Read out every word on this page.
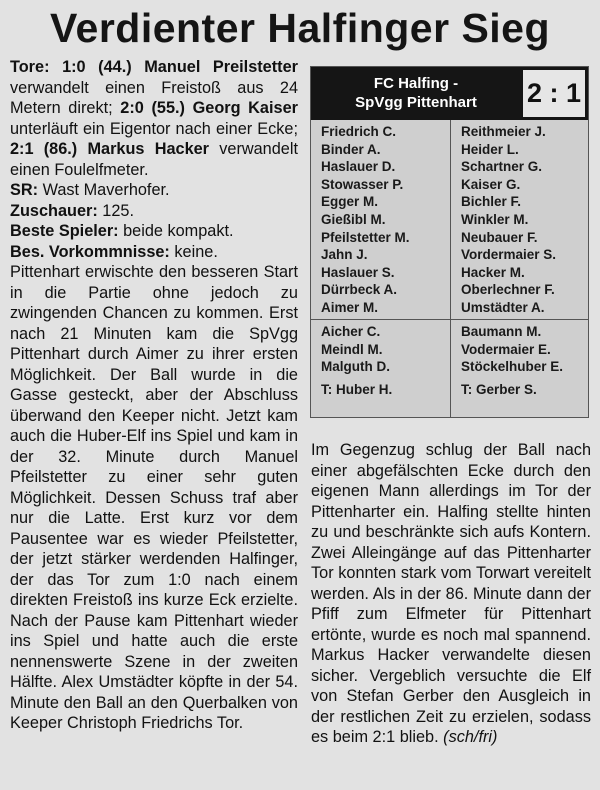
Verdienter Halfinger Sieg

Tore: 1:0 (44.) Manuel Preilstetter verwandelt einen Freistoß aus 24 Metern direkt; 2:0 (55.) Georg Kaiser unterläuft ein Eigentor nach einer Ecke; 2:1 (86.) Markus Hacker verwandelt einen Foulelfmeter.

SR: Wast Maverhofer.

Zuschauer: 125.

Beste Spieler: beide kompakt.

Bes. Vorkommnisse: keine.

Pittenhart erwischte den besseren Start in die Partie ohne jedoch zu zwingenden Chancen zu kommen. Erst nach 21 Minuten kam die SpVgg Pittenhart durch Aimer zu ihrer ersten Möglichkeit. Der Ball wurde in die Gasse gesteckt, aber der Abschluss überwand den Keeper nicht. Jetzt kam auch die Huber-Elf ins Spiel und kam in der 32. Minute durch Manuel Pfeilstetter zu einer sehr guten Möglichkeit. Dessen Schuss traf aber nur die Latte. Erst kurz vor dem Pausentee war es wieder Pfeilstetter, der jetzt stärker werdenden Halfinger, der das Tor zum 1:0 nach einem direkten Freistoß ins kurze Eck erzielte. Nach der Pause kam Pittenhart wieder ins Spiel und hatte auch die erste nennenswerte Szene in der zweiten Hälfte. Alex Umstädter köpfte in der 54. Minute den Ball an den Querbalken von Keeper Christoph Friedrichs Tor.

FC Halfing -
SpVgg Pittenhart	2 : 1
Friedrich C.
Binder A.
Haslauer D.
Stowasser P.
Egger M.
Gießibl M.
Pfeilstetter M.
Jahn J.
Haslauer S.
Dürrbeck A.
Aimer M.
Reithmeier J.
Heider L.
Schartner G.
Kaiser G.
Bichler F.
Winkler M.
Neubauer F.
Vordermaier S.
Hacker M.
Oberlechner F.
Umstädter A.
Aicher C.
Meindl M.
Malguth D.
Baumann M.
Vodermaier E.
Stöckelhuber E.
T: Huber H.	T: Gerber S.

Im Gegenzug schlug der Ball nach einer abgefälschten Ecke durch den eigenen Mann allerdings im Tor der Pittenharter ein. Halfing stellte hinten zu und beschränkte sich aufs Kontern. Zwei Alleingänge auf das Pittenharter Tor konnten stark vom Torwart vereitelt werden. Als in der 86. Minute dann der Pfiff zum Elfmeter für Pittenhart ertönte, wurde es noch mal spannend. Markus Hacker verwandelte diesen sicher. Vergeblich versuchte die Elf von Stefan Gerber den Ausgleich in der restlichen Zeit zu erzielen, sodass es beim 2:1 blieb. (sch/fri)
